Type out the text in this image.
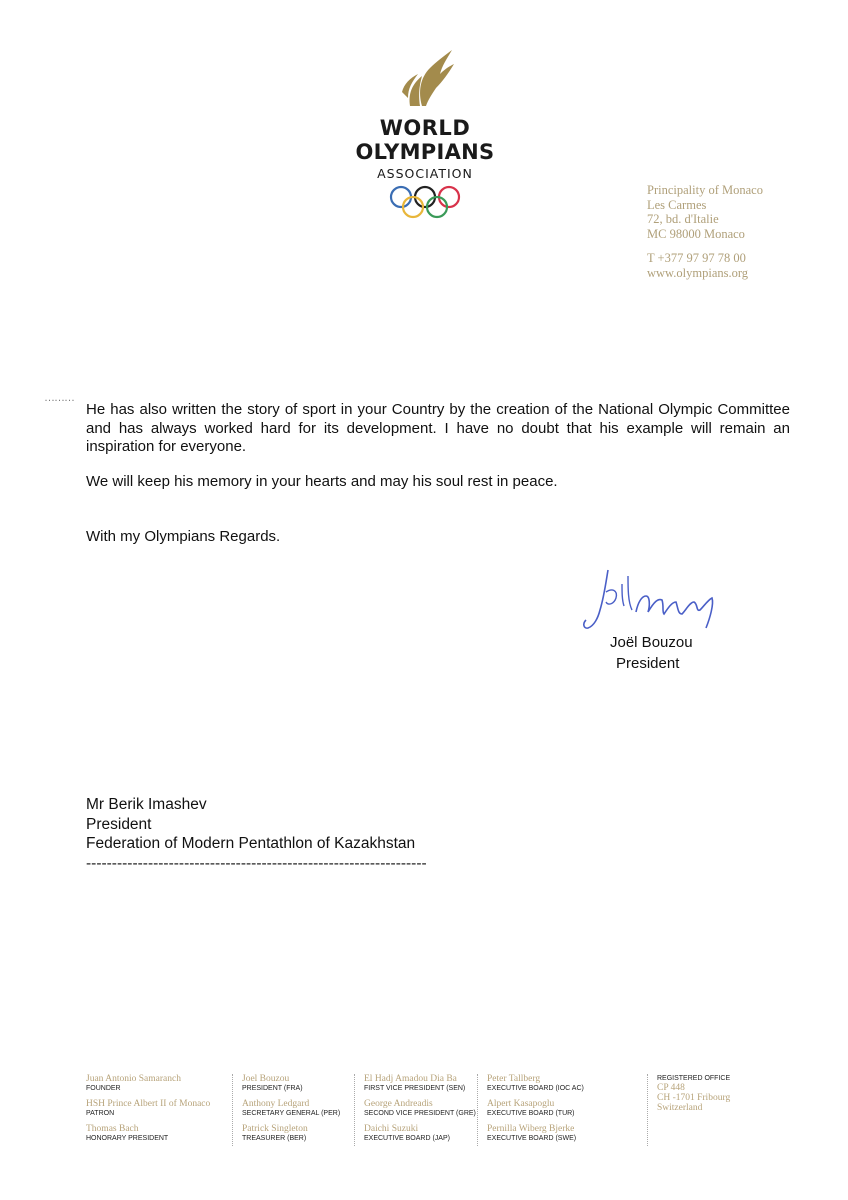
WORLD
OLYMPIANS
ASSOCIATION
Principality of Monaco
Les Carmes
72, bd. d'Italie
MC 98000 Monaco
T +377 97 97 78 00
www.olympians.org
………
He has also written the story of sport in your Country by the creation of the National Olympic Committee and has always worked hard for its development. I have no doubt that his example will remain an inspiration for everyone.
We will keep his memory in your hearts and may his soul rest in peace.
With my Olympians Regards.
Joël Bouzou
President
Mr Berik Imashev
President
Federation of Modern Pentathlon of Kazakhstan
------------------------------------------------------------------
Juan Antonio Samaranch
FOUNDER
HSH Prince Albert II of Monaco
PATRON
Thomas Bach
HONORARY PRESIDENT
Joel Bouzou
PRESIDENT (FRA)
Anthony Ledgard
SECRETARY GENERAL (PER)
Patrick Singleton
TREASURER (BER)
El Hadj Amadou Dia Ba
FIRST VICE PRESIDENT (SEN)
George Andreadis
SECOND VICE PRESIDENT (GRE)
Daichi Suzuki
EXECUTIVE BOARD (JAP)
Peter Tallberg
EXECUTIVE BOARD (IOC AC)
Alpert Kasapoglu
EXECUTIVE BOARD (TUR)
Pernilla Wiberg Bjerke
EXECUTIVE BOARD (SWE)
REGISTERED OFFICE
CP 448
CH -1701 Fribourg
Switzerland
